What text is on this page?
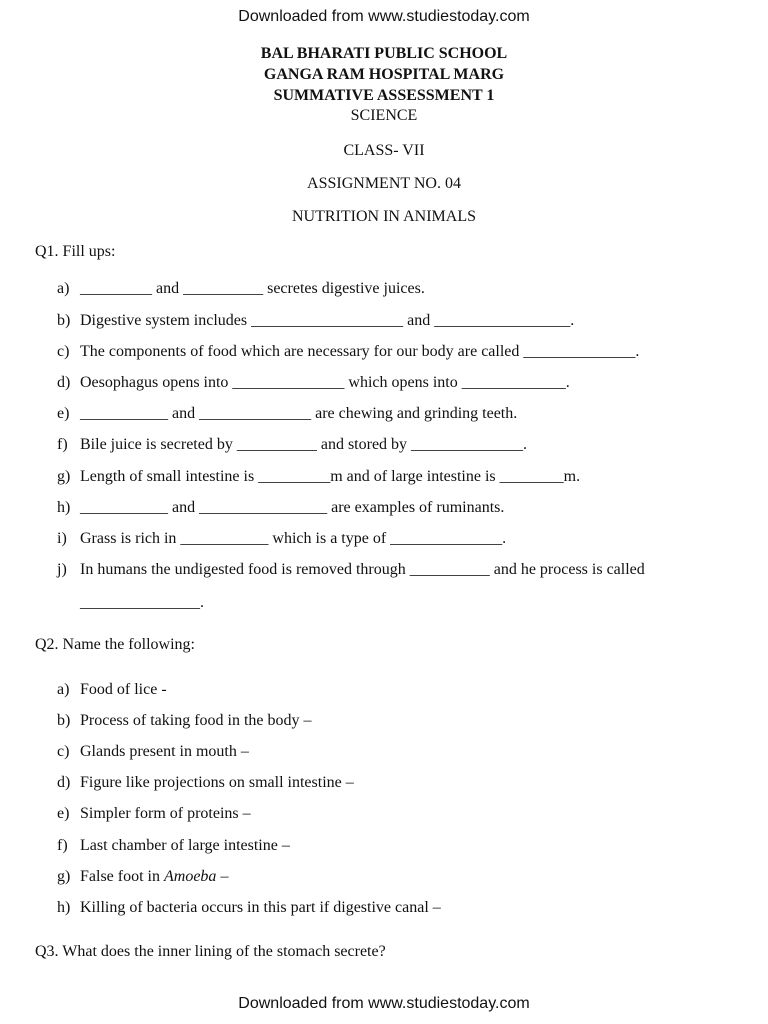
Downloaded from www.studiestoday.com
BAL BHARATI PUBLIC SCHOOL
GANGA RAM HOSPITAL MARG
SUMMATIVE ASSESSMENT 1
SCIENCE
CLASS- VII
ASSIGNMENT NO. 04
NUTRITION IN ANIMALS
Q1. Fill ups:
a) _________ and __________ secretes digestive juices.
b) Digestive system includes ___________________ and _________________.
c) The components of food which are necessary for our body are called ______________.
d) Oesophagus opens into ______________ which opens into _____________.
e) ___________ and ______________ are chewing and grinding teeth.
f) Bile juice is secreted by __________ and stored by ______________.
g) Length of small intestine is _________m and of large intestine is ________m.
h) ___________ and ________________ are examples of ruminants.
i) Grass is rich in ___________ which is a type of ______________.
j) In humans the undigested food is removed through __________ and he process is called
_______________.
Q2. Name the following:
a) Food of lice -
b) Process of taking food in the body –
c) Glands present in mouth –
d) Figure like projections on small intestine –
e) Simpler form of proteins –
f) Last chamber of large intestine –
g) False foot in Amoeba –
h) Killing of bacteria occurs in this part if digestive canal –
Q3. What does the inner lining of the stomach secrete?
Downloaded from www.studiestoday.com
